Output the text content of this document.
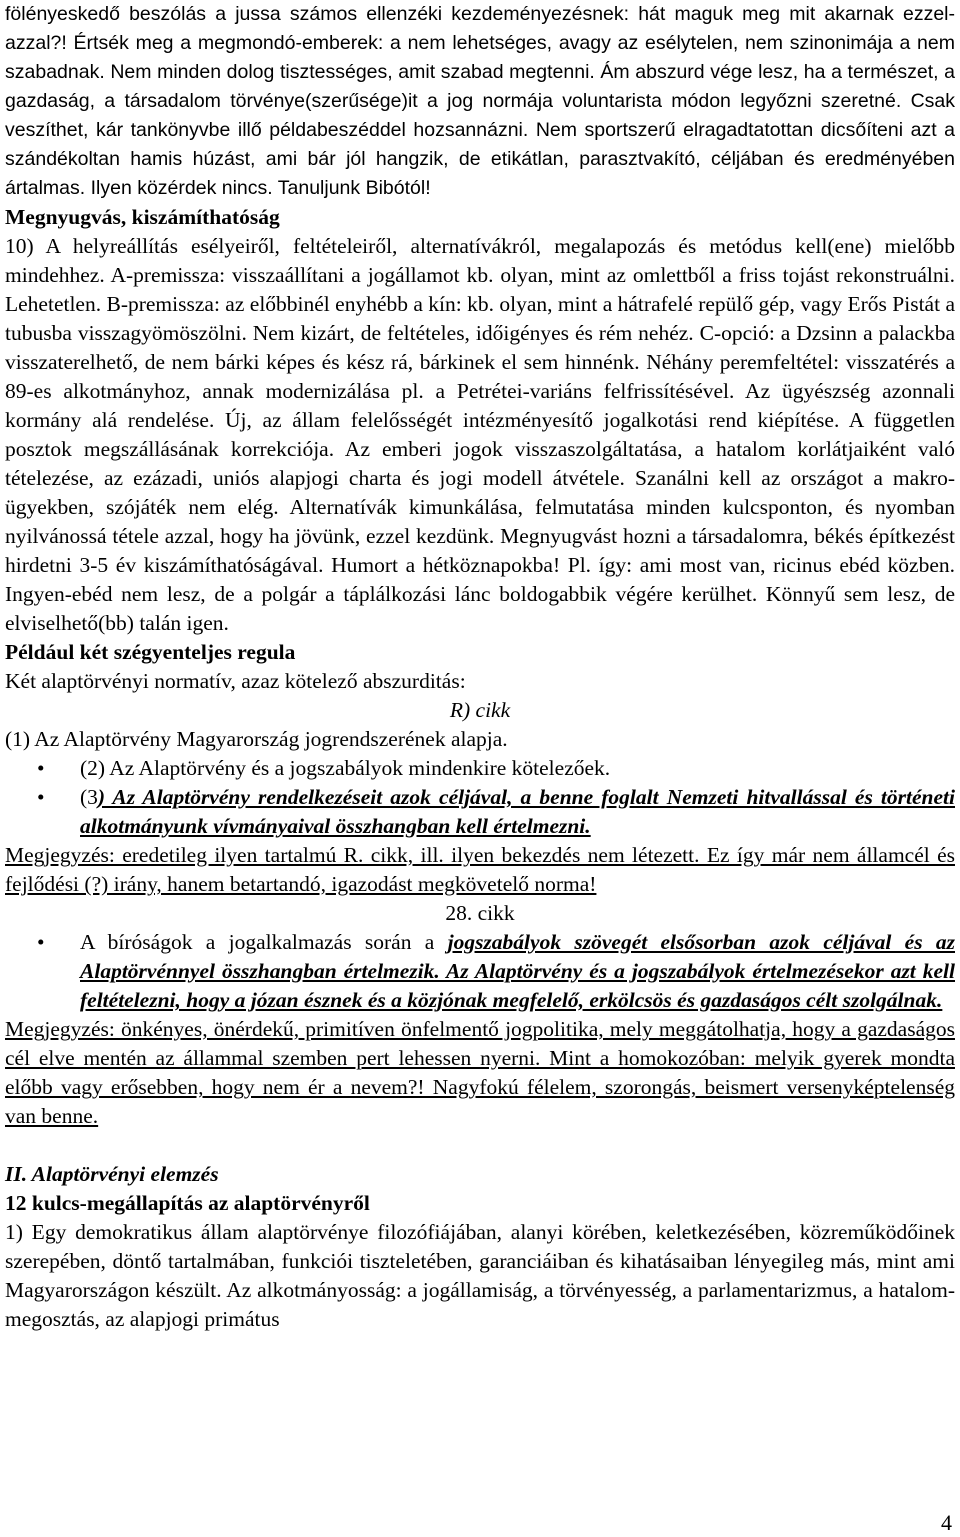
fölényeskedő beszólás a jussa számos ellenzéki kezdeményezésnek: hát maguk meg mit akarnak ezzel-azzal?! Értsék meg a megmondó-emberek: a nem lehetséges, avagy az esélytelen, nem szinonimája a nem szabadnak. Nem minden dolog tisztességes, amit szabad megtenni. Ám abszurd vége lesz, ha a természet, a gazdaság, a társadalom törvénye(szerűsége)it a jog normája voluntarista módon legyőzni szeretné. Csak veszíthet, kár tankönyvbe illő példabeszéddel hozsannázni. Nem sportszerű elragadtatottan dicsőíteni azt a szándékoltan hamis húzást, ami bár jól hangzik, de etikátlan, parasztvakító, céljában és eredményében ártalmas. Ilyen közérdek nincs. Tanuljunk Bibótól!

Megnyugvás, kiszámíthatóság

10) A helyreállítás esélyeiről, feltételeiről, alternatívákról, megalapozás és metódus kell(ene) mielőbb mindehhez. A-premissza: visszaállítani a jogállamot kb. olyan, mint az omlettből a friss tojást rekonstruálni. Lehetetlen. B-premissza: az előbbinél enyhébb a kín: kb. olyan, mint a hátrafelé repülő gép, vagy Erős Pistát a tubusba visszagyömöszölni. Nem kizárt, de feltételes, időigényes és rém nehéz. C-opció: a Dzsinn a palackba visszaterelhető, de nem bárki képes és kész rá, bárkinek el sem hinnénk. Néhány peremfeltétel: visszatérés a 89-es alkotmányhoz, annak modernizálása pl. a Petrétei-variáns felfrissítésével. Az ügyészség azonnali kormány alá rendelése. Új, az állam felelősségét intézményesítő jogalkotási rend kiépítése. A független posztok megszállásának korrekciója. Az emberi jogok visszaszolgáltatása, a hatalom korlátjaiként való tételezése, az ezázadi, uniós alapjogi charta és jogi modell átvétele. Szanálni kell az országot a makro-ügyekben, szójáték nem elég. Alternatívák kimunkálása, felmutatása minden kulcsponton, és nyomban nyilvánossá tétele azzal, hogy ha jövünk, ezzel kezdünk. Megnyugvást hozni a társadalomra, békés építkezést hirdetni 3-5 év kiszámíthatóságával. Humort a hétköznapokba! Pl. így: ami most van, ricinus ebéd közben. Ingyen-ebéd nem lesz, de a polgár a táplálkozási lánc boldogabbik végére kerülhet. Könnyű sem lesz, de elviselhető(bb) talán igen.

Például két szégyenteljes regula

Két alaptörvényi normatív, azaz kötelező abszurditás:

R) cikk

(1) Az Alaptörvény Magyarország jogrendszerének alapja.

• (2) Az Alaptörvény és a jogszabályok mindenkire kötelezőek.
• (3) Az Alaptörvény rendelkezéseit azok céljával, a benne foglalt Nemzeti hitvallással és történeti alkotmányunk vívmányaival összhangban kell értelmezni.

Megjegyzés: eredetileg ilyen tartalmú R. cikk, ill. ilyen bekezdés nem létezett. Ez így már nem államcél és fejlődési (?) irány, hanem betartandó, igazodást megkövetelő norma!

28. cikk

• A bíróságok a jogalkalmazás során a jogszabályok szövegét elsősorban azok céljával és az Alaptörvénnyel összhangban értelmezik. Az Alaptörvény és a jogszabályok értelmezésekor azt kell feltételezni, hogy a józan észnek és a közjónak megfelelő, erkölcsös és gazdaságos célt szolgálnak.

Megjegyzés: önkényes, önérdekű, primitíven önfelmentő jogpolitika, mely meggátolhatja, hogy a gazdaságos cél elve mentén az állammal szemben pert lehessen nyerni. Mint a homokozóban: melyik gyerek mondta előbb vagy erősebben, hogy nem ér a nevem?! Nagyfokú félelem, szorongás, beismert versenyképtelenség van benne.

II. Alaptörvényi elemzés

12 kulcs-megállapítás az alaptörvényről

1) Egy demokratikus állam alaptörvénye filozófiájában, alanyi körében, keletkezésében, közreműködőinek szerepében, döntő tartalmában, funkciói tiszteletében, garanciáiban és kihatásaiban lényegileg más, mint ami Magyarországon készült. Az alkotmányosság: a jogállamiság, a törvényesség, a parlamentarizmus, a hatalom-megosztás, az alapjogi primátus

4
